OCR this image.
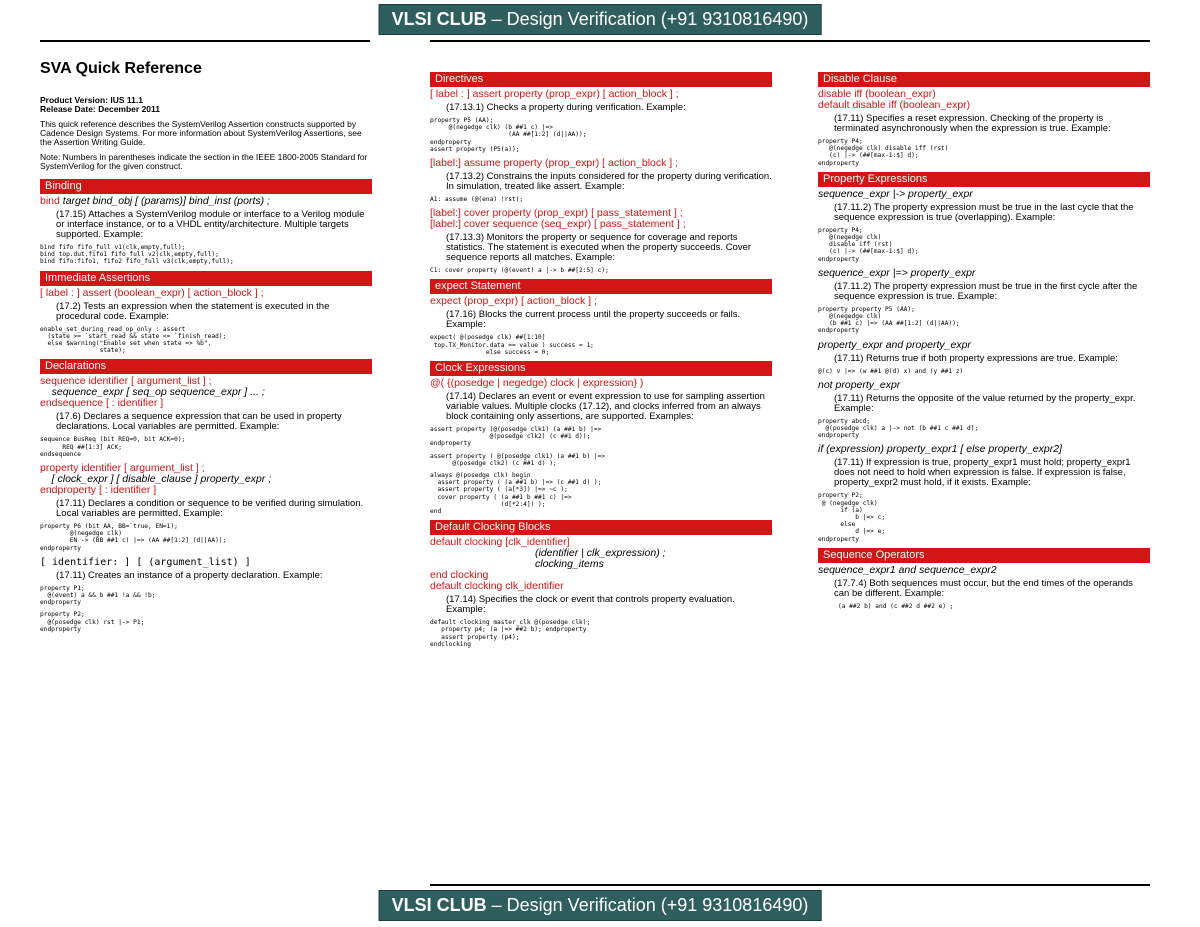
VLSI CLUB – Design Verification (+91 9310816490)
SVA Quick Reference
Product Version: IUS 11.1
Release Date: December 2011
This quick reference describes the SystemVerilog Assertion constructs supported by Cadence Design Systems. For more information about SystemVerilog Assertions, see the Assertion Writing Guide.
Note: Numbers in parentheses indicate the section in the IEEE 1800-2005 Standard for SystemVerilog for the given construct.
Binding
bind target bind_obj [ (params)] bind_inst (ports) ;
(17.15) Attaches a SystemVerilog module or interface to a Verilog module or interface instance, or to a VHDL entity/architecture. Multiple targets supported. Example:
bind fifo fifo_full v1(clk,empty,full);
bind top.dut.fifo1 fifo_full v2(clk,empty,full);
bind fifo:fifo1, fifo2 fifo_full v3(clk,empty,full);
Immediate Assertions
[ label : ] assert (boolean_expr) [ action_block ] ;
(17.2) Tests an expression when the statement is executed in the procedural code. Example:
enable_set_during_read_op_only : assert
(state >= `start_read && state <= `finish_read);
else $warning("Enable set when state => %b",
state);
Declarations
sequence identifier [ argument_list ] ;
sequence_expr [ seq_op sequence_expr ] ... ;
endsequence [ : identifier ]
(17.6) Declares a sequence expression that can be used in property declarations. Local variables are permitted. Example:
sequence BusReq (bit REQ=0, bit ACK=0);
REQ ##[1:3] ACK;
endsequence
property identifier [ argument_list ] ;
[ clock_expr ] [ disable_clause ] property_expr ;
endproperty [ : identifier ]
(17.11) Declares a condition or sequence to be verified during simulation. Local variables are permitted. Example:
property P6 (bit AA, BB=`true, EN=1);
@(negedge clk)
EN -> (BB ##1 c) |=> (AA ##[1:2] (d||AA));
endproperty
[ identifier: ] [ (argument_list) ]
(17.11) Creates an instance of a property declaration. Example:
property P1;
@(event) a && b ##1 !a && !b;
endproperty
property P2;
@(posedge clk) rst |-> P1;
endproperty
Directives
[ label : ] assert property (prop_expr) [ action_block ] ;
(17.13.1) Checks a property during verification. Example:
property P5 (AA);
@(negedge clk) (b ##1 c) |=>
(AA ##[1:2] (d||AA));
endproperty
assert property (P5(a));
[label:] assume property (prop_expr) [ action_block ] ;
(17.13.2) Constrains the inputs considered for the property during verification. In simulation, treated like assert. Example:
A1: assume (@(ena) !rst);
[label:] cover property (prop_expr) [ pass_statement ] ;
[label:] cover sequence (seq_expr) [ pass_statement ] ;
(17.13.3) Monitors the property or sequence for coverage and reports statistics. The statement is executed when the property succeeds. Cover sequence reports all matches. Example:
C1: cover property (@(event) a |-> b ##[2:5] c);
expect Statement
expect (prop_expr) [ action_block ] ;
(17.16) Blocks the current process until the property succeeds or fails. Example:
expect( @(posedge clk) ##[1:10]
top.TX_Monitor.data == value ) success = 1;
else success = 0;
Clock Expressions
@( {(posedge | negedge) clock | expression} )
(17.14) Declares an event or event expression to use for sampling assertion variable values. Multiple clocks (17.12), and clocks inferred from an always block containing only assertions, are supported. Examples:
assert property (@(posedge clk1) (a ##1 b) |=>
@(posedge clk2) (c ##1 d));
endproperty
assert property ( @(posedge clk1) (a ##1 b) |=>
@(posedge clk2) (c ##1 d) );
always @(posedge clk) begin
assert property ( (a ##1 b) |=> (c ##1 d) );
assert property ( (a[*3]) |=> ~c );
cover property ( (a ##1 b ##1 c) |=>
(d[*2:4]) );
end
Default Clocking Blocks
default clocking [clk_identifier]
(identifier | clk_expression) ;
clocking_items
end clocking
default clocking clk_identifier
(17.14) Specifies the clock or event that controls property evaluation. Example:
default clocking master_clk @(posedge clk);
property p4; (a |=> ##2 b); endproperty
assert property (p4);
endclocking
Disable Clause
disable iff (boolean_expr)
default disable iff (boolean_expr)
(17.11) Specifies a reset expression. Checking of the property is terminated asynchronously when the expression is true. Example:
property P4;
@(negedge clk) disable iff (rst)
(c) |-> (##[max-1:$] d);
endproperty
Property Expressions
sequence_expr |-> property_expr
(17.11.2) The property expression must be true in the last cycle that the sequence expression is true (overlapping). Example:
property P4;
@(negedge clk)
disable iff (rst)
(c) |-> (##[max-1:$] d);
endproperty
sequence_expr |=> property_expr
(17.11.2) The property expression must be true in the first cycle after the sequence expression is true. Example:
property property P5 (AA);
@(negedge clk)
(b ##1 c) |=> (AA ##[1:2] (d||AA));
endproperty
property_expr and property_expr
(17.11) Returns true if both property expressions are true. Example:
@(c) v |=> (w ##1 @(d) x) and (y ##1 z)
not property_expr
(17.11) Returns the opposite of the value returned by the property_expr. Example:
property abcd;
@(posedge clk) a |-> not (b ##1 c ##1 d);
endproperty
if (expression) property_expr1 [ else property_expr2]
(17.11) If expression is true, property_expr1 must hold; property_expr1 does not need to hold when expression is false. If expression is false, property_expr2 must hold, if it exists. Example:
property P2;
@ (negedge clk)
if (a)
b |=> c;
else
d |=> e;
endproperty
Sequence Operators
sequence_expr1 and sequence_expr2
(17.7.4) Both sequences must occur, but the end times of the operands can be different. Example:
(a ##2 b) and (c ##2 d ##2 e) ;
VLSI CLUB – Design Verification (+91 9310816490)
